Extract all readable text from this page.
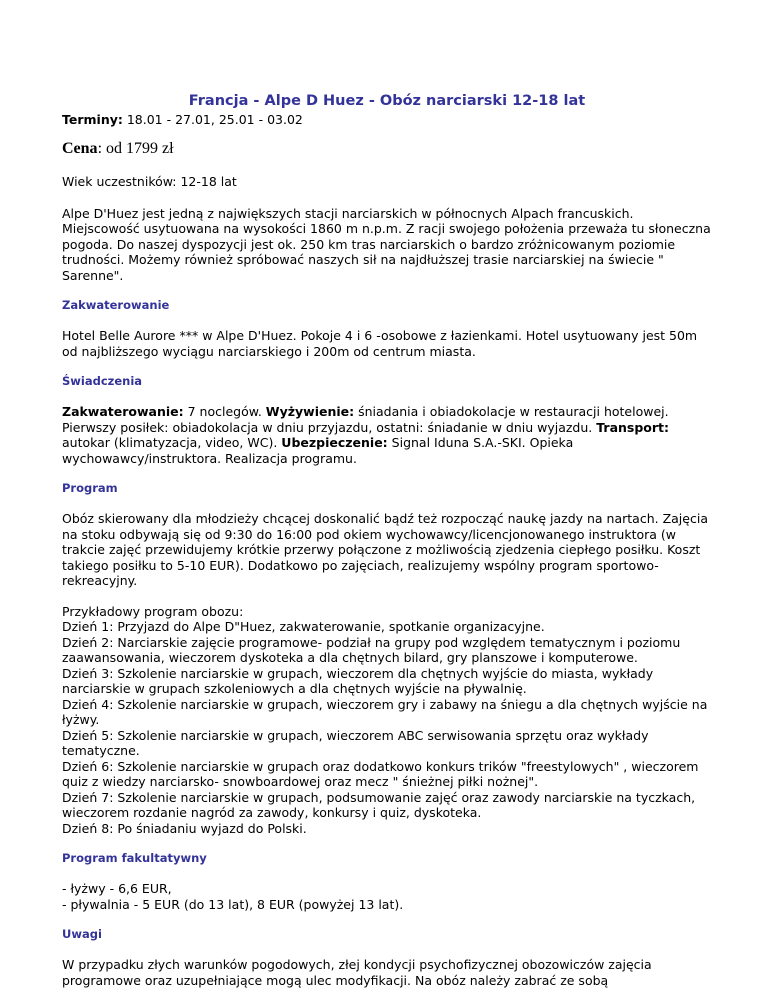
Francja - Alpe D Huez - Obóz narciarski 12-18 lat

Terminy: 18.01 - 27.01, 25.01 - 03.02

Cena: od 1799 zł

Wiek uczestników: 12-18 lat

Alpe D'Huez jest jedną z największych stacji narciarskich w północnych Alpach francuskich. Miejscowość usytuowana na wysokości 1860 m n.p.m. Z racji swojego położenia przeważa tu słoneczna pogoda. Do naszej dyspozycji jest ok. 250 km tras narciarskich o bardzo zróżnicowanym poziomie trudności. Możemy również spróbować naszych sił na najdłuższej trasie narciarskiej na świecie " Sarenne".

Zakwaterowanie

Hotel Belle Aurore *** w Alpe D'Huez. Pokoje 4 i 6 -osobowe z łazienkami. Hotel usytuowany jest 50m od najbliższego wyciągu narciarskiego i 200m od centrum miasta.

Świadczenia

Zakwaterowanie: 7 noclegów. Wyżywienie: śniadania i obiadokolacje w restauracji hotelowej. Pierwszy posiłek: obiadokolacja w dniu przyjazdu, ostatni: śniadanie w dniu wyjazdu. Transport: autokar (klimatyzacja, video, WC). Ubezpieczenie: Signal Iduna S.A.-SKI. Opieka wychowawcy/instruktora. Realizacja programu.

Program

Obóz skierowany dla młodzieży chcącej doskonalić bądź też rozpocząć naukę jazdy na nartach. Zajęcia na stoku odbywają się od 9:30 do 16:00 pod okiem wychowawcy/licencjonowanego instruktora (w trakcie zajęć przewidujemy krótkie przerwy połączone z możliwością zjedzenia ciepłego posiłku. Koszt takiego posiłku to 5-10 EUR). Dodatkowo po zajęciach, realizujemy wspólny program sportowo-rekreacyjny.

Przykładowy program obozu:
Dzień 1: Przyjazd do Alpe D"Huez, zakwaterowanie, spotkanie organizacyjne.
Dzień 2: Narciarskie zajęcie programowe- podział na grupy pod względem tematycznym i poziomu zaawansowania, wieczorem dyskoteka a dla chętnych bilard, gry planszowe i komputerowe.
Dzień 3: Szkolenie narciarskie w grupach, wieczorem dla chętnych wyjście do miasta, wykłady narciarskie w grupach szkoleniowych a dla chętnych wyjście na pływalnię.
Dzień 4: Szkolenie narciarskie w grupach, wieczorem gry i zabawy na śniegu a dla chętnych wyjście na łyżwy.
Dzień 5: Szkolenie narciarskie w grupach, wieczorem ABC serwisowania sprzętu oraz wykłady tematyczne.
Dzień 6: Szkolenie narciarskie w grupach oraz dodatkowo konkurs trików "freestylowych" , wieczorem quiz z wiedzy narciarsko- snowboardowej oraz mecz " śnieżnej piłki nożnej".
Dzień 7: Szkolenie narciarskie w grupach, podsumowanie zajęć oraz zawody narciarskie na tyczkach, wieczorem rozdanie nagród za zawody, konkursy i quiz, dyskoteka.
Dzień 8: Po śniadaniu wyjazd do Polski.
Program fakultatywny
- łyżwy - 6,6 EUR,
- pływalnia - 5 EUR (do 13 lat), 8 EUR (powyżej 13 lat).
Uwagi

W przypadku złych warunków pogodowych, złej kondycji psychofizycznej obozowiczów zajęcia programowe oraz uzupełniające mogą ulec modyfikacji. Na obóz należy zabrać ze sobą
